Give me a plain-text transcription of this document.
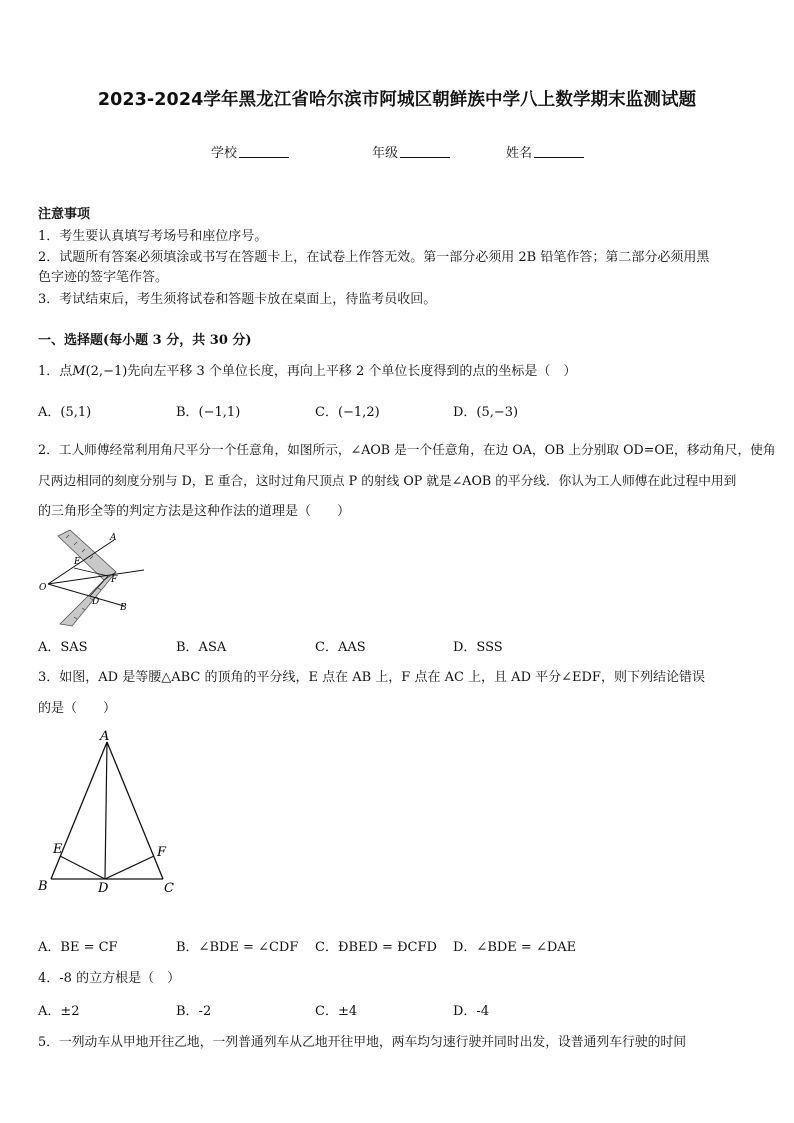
2023-2024学年黑龙江省哈尔滨市阿城区朝鲜族中学八上数学期末监测试题
学校	年级	姓名
注意事项
1．考生要认真填写考场号和座位序号。
2．试题所有答案必须填涂或书写在答题卡上，在试卷上作答无效。第一部分必须用 2B 铅笔作答；第二部分必须用黑
色字迹的签字笔作答。
3．考试结束后，考生须将试卷和答题卡放在桌面上，待监考员收回。
一、选择题(每小题 3 分，共 30 分)
1．点M(2,−1)先向左平移 3 个单位长度，再向上平移 2 个单位长度得到的点的坐标是（　）
A．(5,1)	B．(−1,1)	C．(−1,2)	D．(5,−3)
2．工人师傅经常利用角尺平分一个任意角，如图所示，∠AOB 是一个任意角，在边 OA，OB 上分别取 OD=OE，移动角尺，使角
尺两边相同的刻度分别与 D，E 重合，这时过角尺顶点 P 的射线 OP 就是∠AOB 的平分线．你认为工人师傅在此过程中用到
的三角形全等的判定方法是这种作法的道理是（　　）
A
E
F
O
D
B
A．SAS	B．ASA	C．AAS	D．SSS
3．如图，AD 是等腰△ABC 的顶角的平分线，E 点在 AB 上，F 点在 AC 上，且 AD 平分∠EDF，则下列结论错误
的是（　　）
A
E	F
B	D	C
A．BE = CF	B．∠BDE = ∠CDF C．ÐBED = ÐCFD D．∠BDE = ∠DAE
4．-8 的立方根是（　）
A．±2	B．-2	C．±4	D．-4
5．一列动车从甲地开往乙地，一列普通列车从乙地开往甲地，两车均匀速行驶并同时出发，设普通列车行驶的时间
